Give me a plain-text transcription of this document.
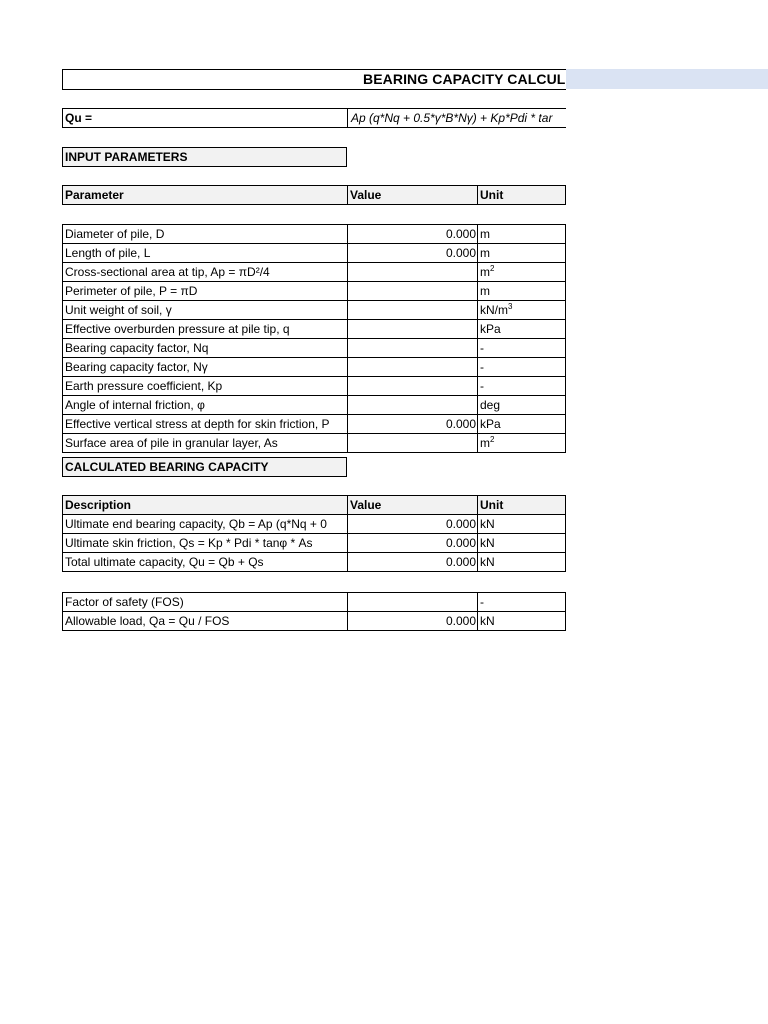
BEARING CAPACITY CALCUL
Qu =	Ap (q*Nq + 0.5*γ*B*Nγ) + Kp*Pdi * tar
INPUT PARAMETERS
Parameter	Value	Unit
Diameter of pile, D	0.000	m
Length of pile, L	0.000	m
Cross-sectional area at tip, Ap = πD²/4		$m^2$
Perimeter of pile, P = πD		m
Unit weight of soil, γ		$kN/m^3$
Effective overburden pressure at pile tip, q		kPa
Bearing capacity factor, Nq		-
Bearing capacity factor, Nγ		-
Earth pressure coefficient, Kp		-
Angle of internal friction, φ		deg
Effective vertical stress at depth for skin friction, P	0.000	kPa
Surface area of pile in granular layer, As		$m^2$
CALCULATED BEARING CAPACITY
Description	Value	Unit
Ultimate end bearing capacity, Qb = Ap (q*Nq + 0	0.000	kN
Ultimate skin friction, Qs = Kp * Pdi * tanφ * As	0.000	kN
Total ultimate capacity, Qu = Qb + Qs	0.000	kN
Factor of safety (FOS)		-
Allowable load, Qa = Qu / FOS	0.000	kN
